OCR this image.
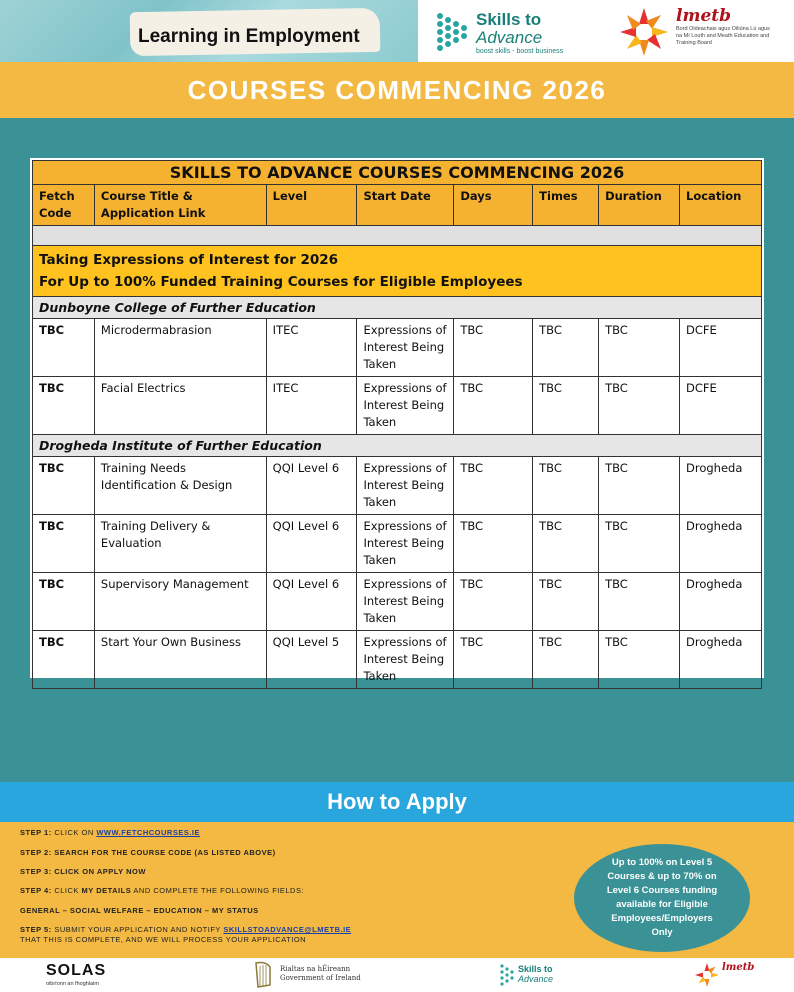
Learning in Employment
Skills to
Advance
boost skills - boost business
lmetb
Bord Oideachais agus Oiliúna Lú agus na Mí Louth and Meath Education and Training Board
COURSES COMMENCING 2026
SKILLS TO ADVANCE COURSES COMMENCING 2026							
Fetch Code	Course Title & Application Link	Level	Start Date	Days	Times	Duration	Location

Taking Expressions of Interest for 2026
For Up to 100% Funded Training Courses for Eligible Employees							

Dunboyne College of Further Education							
TBC	Microdermabrasion	ITEC	Expressions of Interest Being Taken	TBC	TBC	TBC	DCFE
TBC	Facial Electrics	ITEC	Expressions of Interest Being Taken	TBC	TBC	TBC	DCFE
Drogheda Institute of Further Education							
TBC	Training Needs Identification & Design	QQI Level 6	Expressions of Interest Being Taken	TBC	TBC	TBC	Drogheda
TBC	Training Delivery & Evaluation	QQI Level 6	Expressions of Interest Being Taken	TBC	TBC	TBC	Drogheda
TBC	Supervisory Management	QQI Level 6	Expressions of Interest Being Taken	TBC	TBC	TBC	Drogheda
TBC	Start Your Own Business	QQI Level 5	Expressions of Interest Being Taken	TBC	TBC	TBC	Drogheda
How to Apply
STEP 1: CLICK ON WWW.FETCHCOURSES.IE
STEP 2: SEARCH FOR THE COURSE CODE (AS LISTED ABOVE)
STEP 3: CLICK ON APPLY NOW
STEP 4: CLICK MY DETAILS AND COMPLETE THE FOLLOWING FIELDS:
GENERAL – SOCIAL WELFARE – EDUCATION – MY STATUS
STEP 5: SUBMIT YOUR APPLICATION AND NOTIFY SKILLSTOADVANCE@LMETB.IE
THAT THIS IS COMPLETE, AND WE WILL PROCESS YOUR APPLICATION
Up to 100% on Level 5 Courses & up to 70% on Level 6 Courses funding available for Eligible Employees/Employers Only
SOLAS
oibríonn an fhoghlaim
Rialtas na hÉireann
Government of Ireland
Skills to
Advance
lmetb
